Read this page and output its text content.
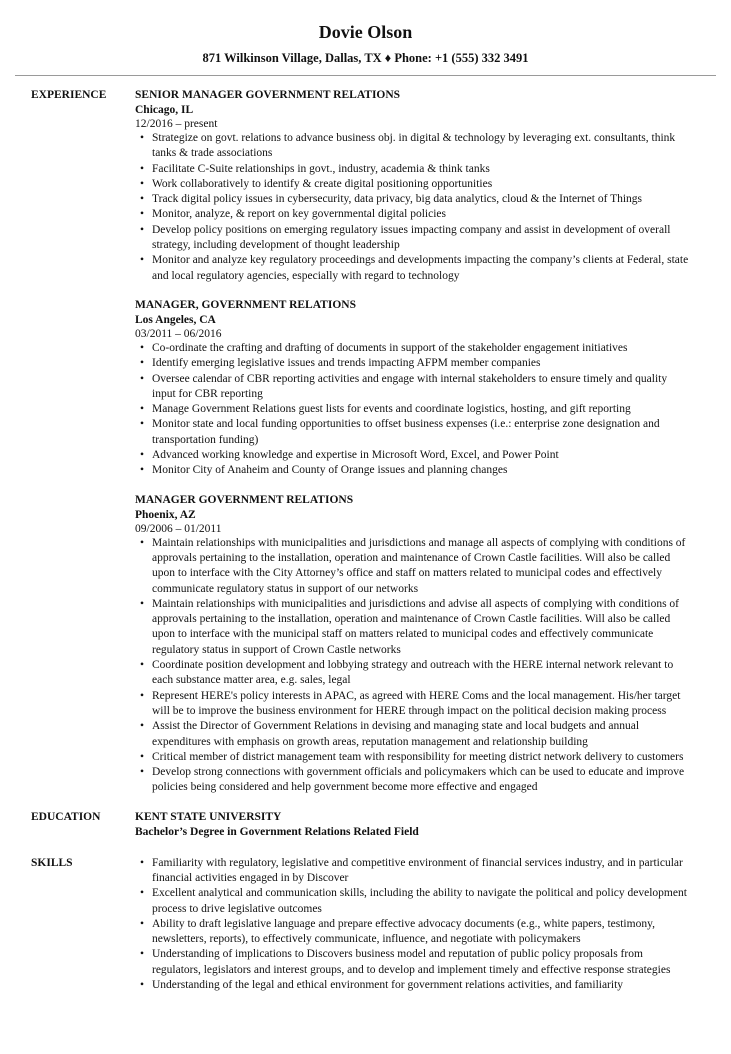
Dovie Olson
871 Wilkinson Village, Dallas, TX ♦ Phone: +1 (555) 332 3491
EXPERIENCE SENIOR MANAGER GOVERNMENT RELATIONS
Chicago, IL
12/2016 – present
• Strategize on govt. relations to advance business obj. in digital & technology by leveraging ext. consultants, think tanks & trade associations
• Facilitate C-Suite relationships in govt., industry, academia & think tanks
• Work collaboratively to identify & create digital positioning opportunities
• Track digital policy issues in cybersecurity, data privacy, big data analytics, cloud & the Internet of Things
• Monitor, analyze, & report on key governmental digital policies
• Develop policy positions on emerging regulatory issues impacting company and assist in development of overall strategy, including development of thought leadership
• Monitor and analyze key regulatory proceedings and developments impacting the company’s clients at Federal, state and local regulatory agencies, especially with regard to technology
MANAGER, GOVERNMENT RELATIONS
Los Angeles, CA
03/2011 – 06/2016
• Co-ordinate the crafting and drafting of documents in support of the stakeholder engagement initiatives
• Identify emerging legislative issues and trends impacting AFPM member companies
• Oversee calendar of CBR reporting activities and engage with internal stakeholders to ensure timely and quality input for CBR reporting
• Manage Government Relations guest lists for events and coordinate logistics, hosting, and gift reporting
• Monitor state and local funding opportunities to offset business expenses (i.e.: enterprise zone designation and transportation funding)
• Advanced working knowledge and expertise in Microsoft Word, Excel, and Power Point
• Monitor City of Anaheim and County of Orange issues and planning changes
MANAGER GOVERNMENT RELATIONS
Phoenix, AZ
09/2006 – 01/2011
• Maintain relationships with municipalities and jurisdictions and manage all aspects of complying with conditions of approvals pertaining to the installation, operation and maintenance of Crown Castle facilities. Will also be called upon to interface with the City Attorney’s office and staff on matters related to municipal codes and effectively communicate regulatory status in support of our networks
• Maintain relationships with municipalities and jurisdictions and advise all aspects of complying with conditions of approvals pertaining to the installation, operation and maintenance of Crown Castle facilities. Will also be called upon to interface with the municipal staff on matters related to municipal codes and effectively communicate regulatory status in support of Crown Castle networks
• Coordinate position development and lobbying strategy and outreach with the HERE internal network relevant to each substance matter area, e.g. sales, legal
• Represent HERE's policy interests in APAC, as agreed with HERE Coms and the local management. His/her target will be to improve the business environment for HERE through impact on the political decision making process
• Assist the Director of Government Relations in devising and managing state and local budgets and annual expenditures with emphasis on growth areas, reputation management and relationship building
• Critical member of district management team with responsibility for meeting district network delivery to customers
• Develop strong connections with government officials and policymakers which can be used to educate and improve policies being considered and help government become more effective and engaged
EDUCATION	KENT STATE UNIVERSITY
Bachelor’s Degree in Government Relations Related Field
SKILLS
•	Familiarity with regulatory, legislative and competitive environment of financial services industry, and in particular financial activities engaged in by Discover
• Excellent analytical and communication skills, including the ability to navigate the political and policy development process to drive legislative outcomes
• Ability to draft legislative language and prepare effective advocacy documents (e.g., white papers, testimony, newsletters, reports), to effectively communicate, influence, and negotiate with policymakers
• Understanding of implications to Discovers business model and reputation of public policy proposals from regulators, legislators and interest groups, and to develop and implement timely and effective response strategies
• Understanding of the legal and ethical environment for government relations activities, and familiarity
